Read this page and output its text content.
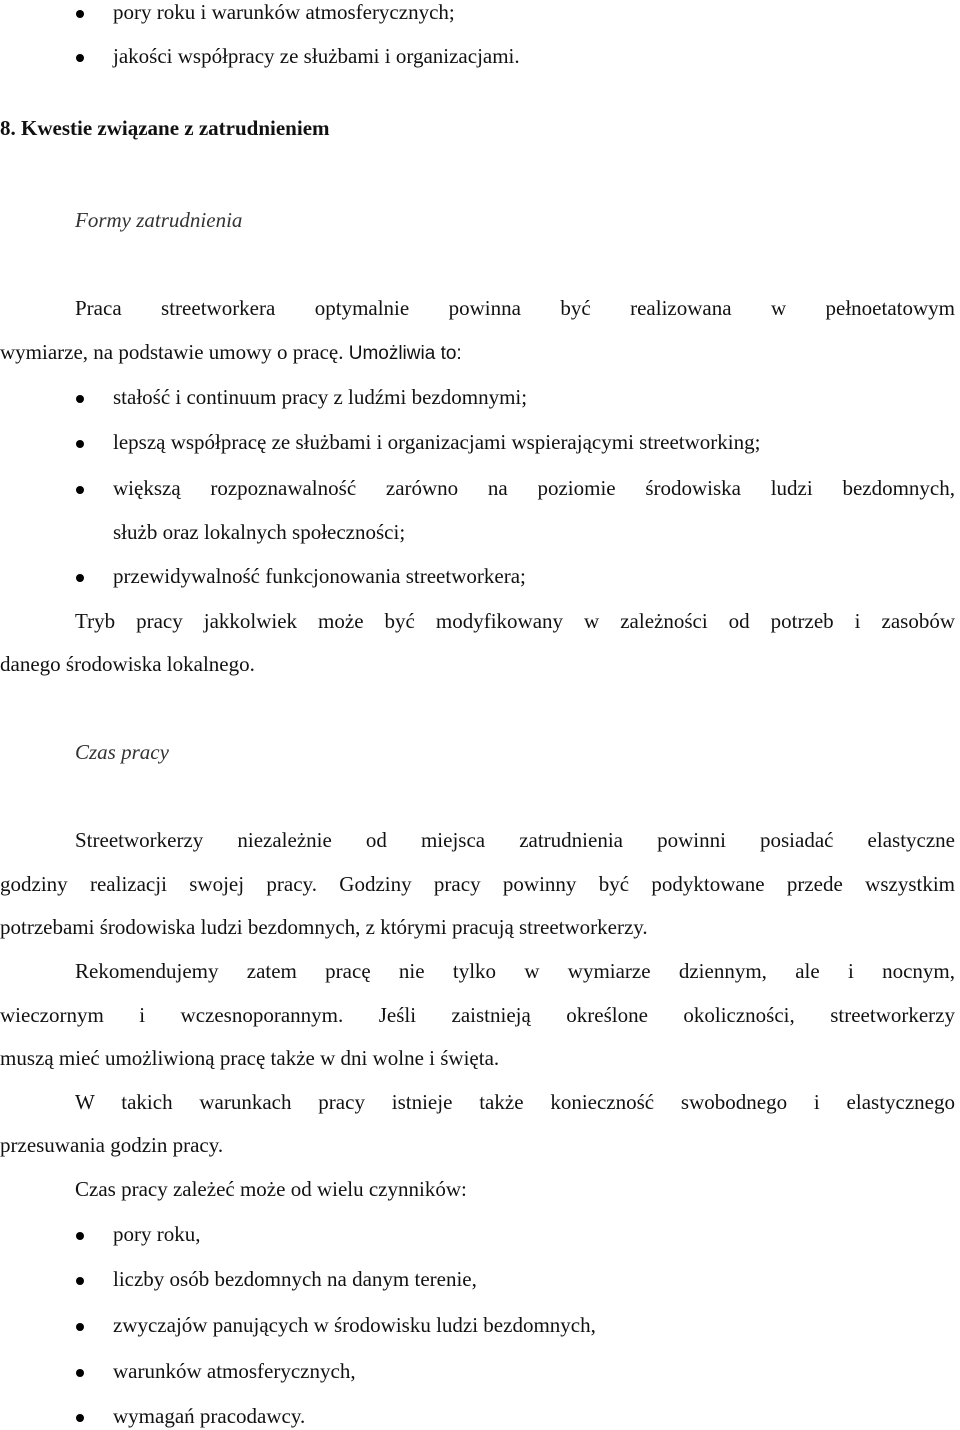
pory roku i warunków atmosferycznych;
jakości współpracy ze służbami i organizacjami.
8. Kwestie związane z zatrudnieniem
Formy zatrudnienia
Praca streetworkera optymalnie powinna być realizowana w pełnoetatowym
wymiarze, na podstawie umowy o pracę. Umożliwia to:
stałość i continuum pracy z ludźmi bezdomnymi;
lepszą współpracę ze służbami i organizacjami wspierającymi streetworking;
większą rozpoznawalność zarówno na poziomie środowiska ludzi bezdomnych,
służb oraz lokalnych społeczności;
przewidywalność funkcjonowania streetworkera;
Tryb pracy jakkolwiek może być modyfikowany w zależności od potrzeb i zasobów
danego środowiska lokalnego.
Czas pracy
Streetworkerzy niezależnie od miejsca zatrudnienia powinni posiadać elastyczne
godziny realizacji swojej pracy. Godziny pracy powinny być podyktowane przede wszystkim
potrzebami środowiska ludzi bezdomnych, z którymi pracują streetworkerzy.
Rekomendujemy zatem pracę nie tylko w wymiarze dziennym, ale i nocnym,
wieczornym i wczesnoporannym. Jeśli zaistnieją określone okoliczności, streetworkerzy
muszą mieć umożliwioną pracę także w dni wolne i święta.
W takich warunkach pracy istnieje także konieczność swobodnego i elastycznego
przesuwania godzin pracy.
Czas pracy zależeć może od wielu czynników:
pory roku,
liczby osób bezdomnych na danym terenie,
zwyczajów panujących w środowisku ludzi bezdomnych,
warunków atmosferycznych,
wymagań pracodawcy.
